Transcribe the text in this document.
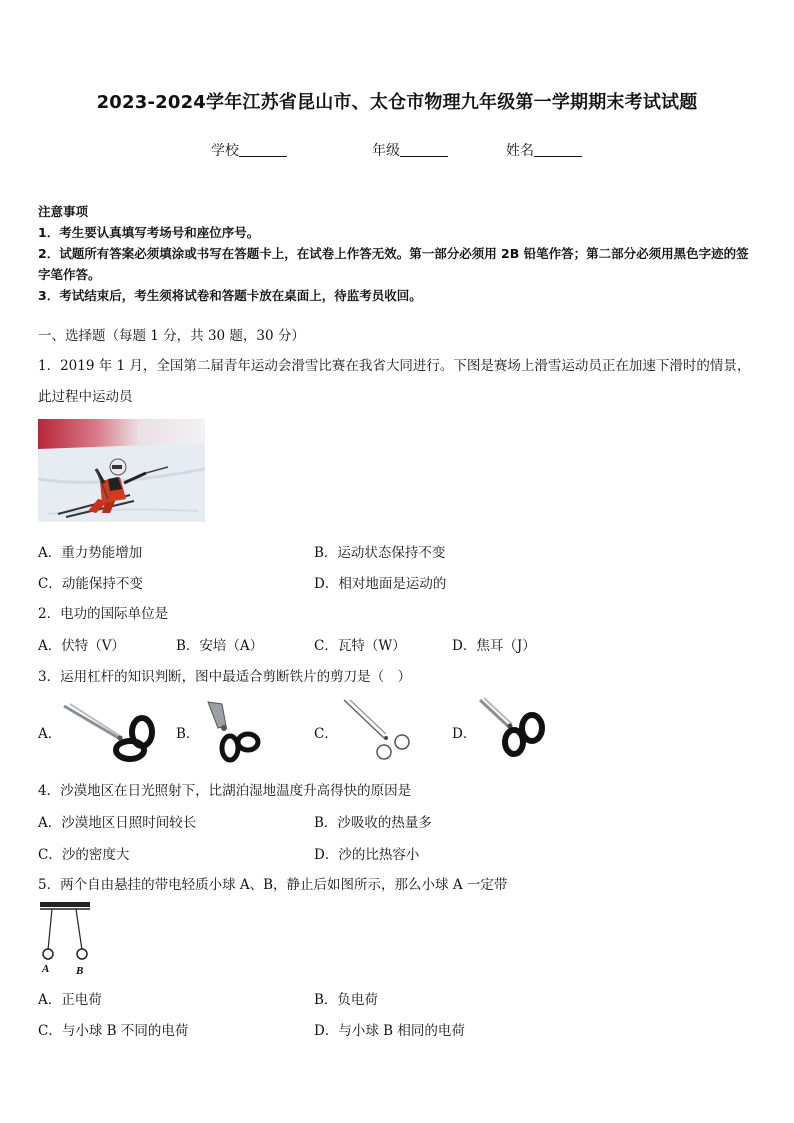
2023-2024学年江苏省昆山市、太仓市物理九年级第一学期期末考试试题
学校	年级	姓名
注意事项
1．考生要认真填写考场号和座位序号。
2．试题所有答案必须填涂或书写在答题卡上，在试卷上作答无效。第一部分必须用 2B 铅笔作答；第二部分必须用黑色字迹的签字笔作答。
3．考试结束后，考生须将试卷和答题卡放在桌面上，待监考员收回。
一、选择题（每题 1 分，共 30 题，30 分）
1．2019 年 1 月，全国第二届青年运动会滑雪比赛在我省大同进行。下图是赛场上滑雪运动员正在加速下滑时的情景，此过程中运动员
A．重力势能增加	B．运动状态保持不变
C．动能保持不变	D．相对地面是运动的
2．电功的国际单位是
A．伏特（V）	B．安培（A）	C．瓦特（W）	D．焦耳（J）
3．运用杠杆的知识判断，图中最适合剪断铁片的剪刀是（　）
A．	B．	C．	D．
4．沙漠地区在日光照射下，比湖泊湿地温度升高得快的原因是
A．沙漠地区日照时间较长	B．沙吸收的热量多
C．沙的密度大	D．沙的比热容小
5．两个自由悬挂的带电轻质小球 A、B，静止后如图所示，那么小球 A 一定带
A B
A．正电荷	B．负电荷
C．与小球 B 不同的电荷	D．与小球 B 相同的电荷
